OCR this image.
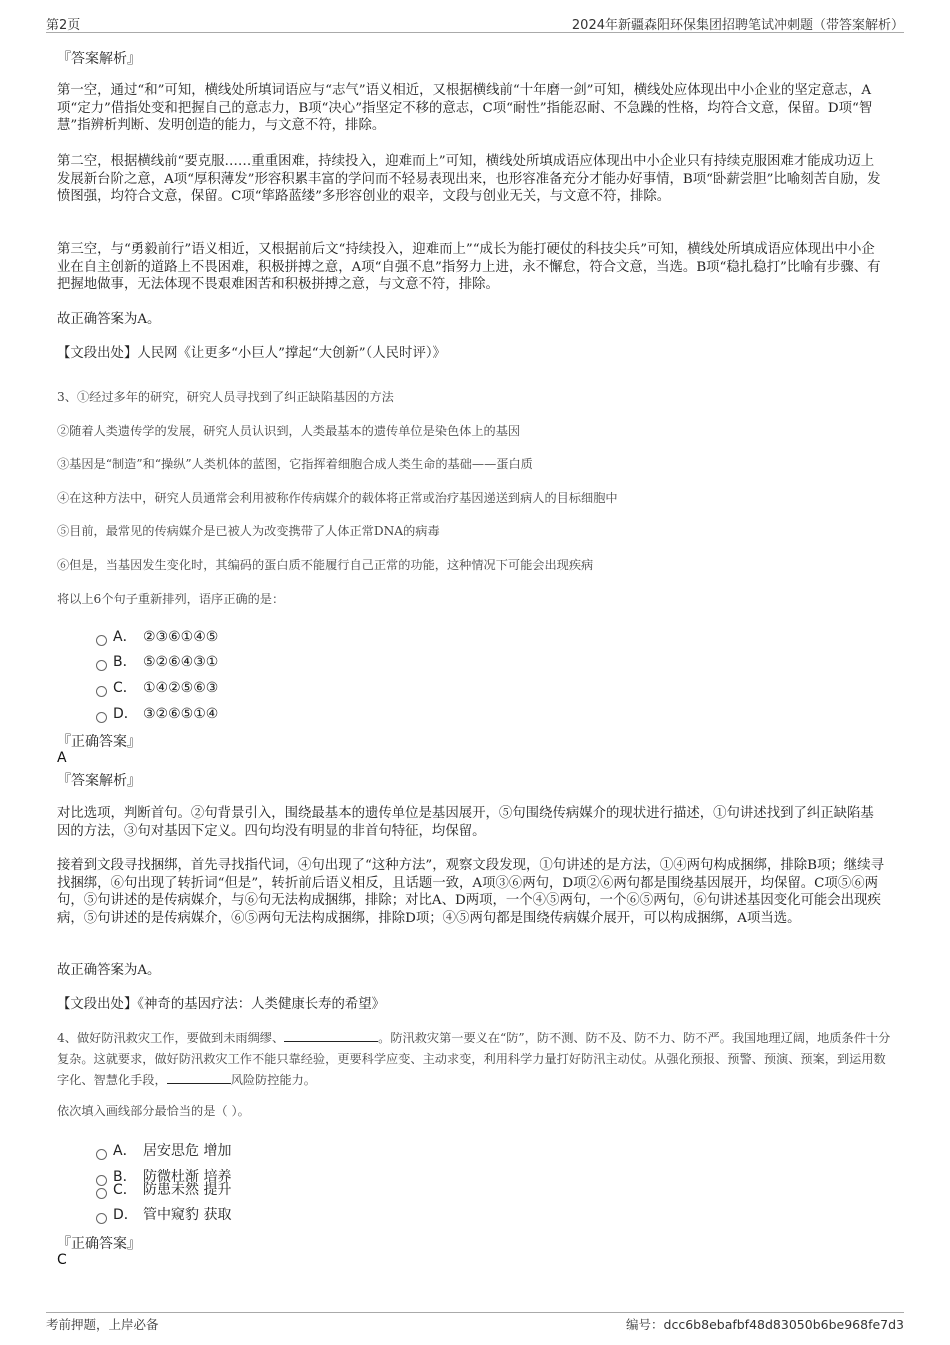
第2页	2024年新疆森阳环保集团招聘笔试冲刺题（带答案解析）
『答案解析』

第一空，通过“和”可知，横线处所填词语应与“志气”语义相近，又根据横线前“十年磨一剑”可知，横线处应体现出中小企业的坚定意志，A项“定力”借指处变和把握自己的意志力，B项“决心”指坚定不移的意志，C项“耐性”指能忍耐、不急躁的性格，均符合文意，保留。D项“智慧”指辨析判断、发明创造的能力，与文意不符，排除。

第二空，根据横线前“要克服……重重困难，持续投入，迎难而上”可知，横线处所填成语应体现出中小企业只有持续克服困难才能成功迈上发展新台阶之意，A项“厚积薄发”形容积累丰富的学问而不轻易表现出来，也形容准备充分才能办好事情，B项“卧薪尝胆”比喻刻苦自励，发愤图强，均符合文意，保留。C项“筚路蓝缕”多形容创业的艰辛，文段与创业无关，与文意不符，排除。

第三空，与“勇毅前行”语义相近，又根据前后文“持续投入，迎难而上”“成长为能打硬仗的科技尖兵”可知，横线处所填成语应体现出中小企业在自主创新的道路上不畏困难，积极拼搏之意，A项“自强不息”指努力上进，永不懈怠，符合文意，当选。B项“稳扎稳打”比喻有步骤、有把握地做事，无法体现不畏艰难困苦和积极拼搏之意，与文意不符，排除。

故正确答案为A。

【文段出处】人民网《让更多“小巨人”撑起“大创新”（人民时评）》

3、①经过多年的研究，研究人员寻找到了纠正缺陷基因的方法

②随着人类遗传学的发展，研究人员认识到，人类最基本的遗传单位是染色体上的基因

③基因是“制造”和“操纵”人类机体的蓝图，它指挥着细胞合成人类生命的基础——蛋白质

④在这种方法中，研究人员通常会利用被称作传病媒介的载体将正常或治疗基因递送到病人的目标细胞中

⑤目前，最常见的传病媒介是已被人为改变携带了人体正常DNA的病毒

⑥但是，当基因发生变化时，其编码的蛋白质不能履行自己正常的功能，这种情况下可能会出现疾病

将以上6个句子重新排列，语序正确的是：

A． ②③⑥①④⑤
B． ⑤②⑥④③①
C． ①④②⑤⑥③
D． ③②⑥⑤①④
『正确答案』
A
『答案解析』

对比选项，判断首句。②句背景引入，围绕最基本的遗传单位是基因展开，⑤句围绕传病媒介的现状进行描述，①句讲述找到了纠正缺陷基因的方法，③句对基因下定义。四句均没有明显的非首句特征，均保留。

接着到文段寻找捆绑，首先寻找指代词，④句出现了“这种方法”，观察文段发现，①句讲述的是方法，①④两句构成捆绑，排除B项；继续寻找捆绑，⑥句出现了转折词“但是”，转折前后语义相反，且话题一致，A项③⑥两句，D项②⑥两句都是围绕基因展开，均保留。C项⑤⑥两句，⑤句讲述的是传病媒介，与⑥句无法构成捆绑，排除；对比A、D两项，一个④⑤两句，一个⑥⑤两句，⑥句讲述基因变化可能会出现疾病，⑤句讲述的是传病媒介，⑥⑤两句无法构成捆绑，排除D项；④⑤两句都是围绕传病媒介展开，可以构成捆绑，A项当选。

故正确答案为A。

【文段出处】《神奇的基因疗法：人类健康长寿的希望》

4、做好防汛救灾工作，要做到未雨绸缪、	。防汛救灾第一要义在“防”，防不测、防不及、防不力、防不严。我国地理辽阔，地质条件十分复杂。这就要求，做好防汛救灾工作不能只靠经验，更要科学应变、主动求变，利用科学力量打好防汛主动仗。从强化预报、预警、预演、预案，到运用数字化、智慧化手段，	风险防控能力。

依次填入画线部分最恰当的是（ ）。

A． 居安思危 增加
B． 防微杜渐 培养
C． 防患未然 提升
D． 管中窥豹 获取
『正确答案』
C
考前押题，上岸必备	编号：dcc6b8ebafbf48d83050b6be968fe7d3
